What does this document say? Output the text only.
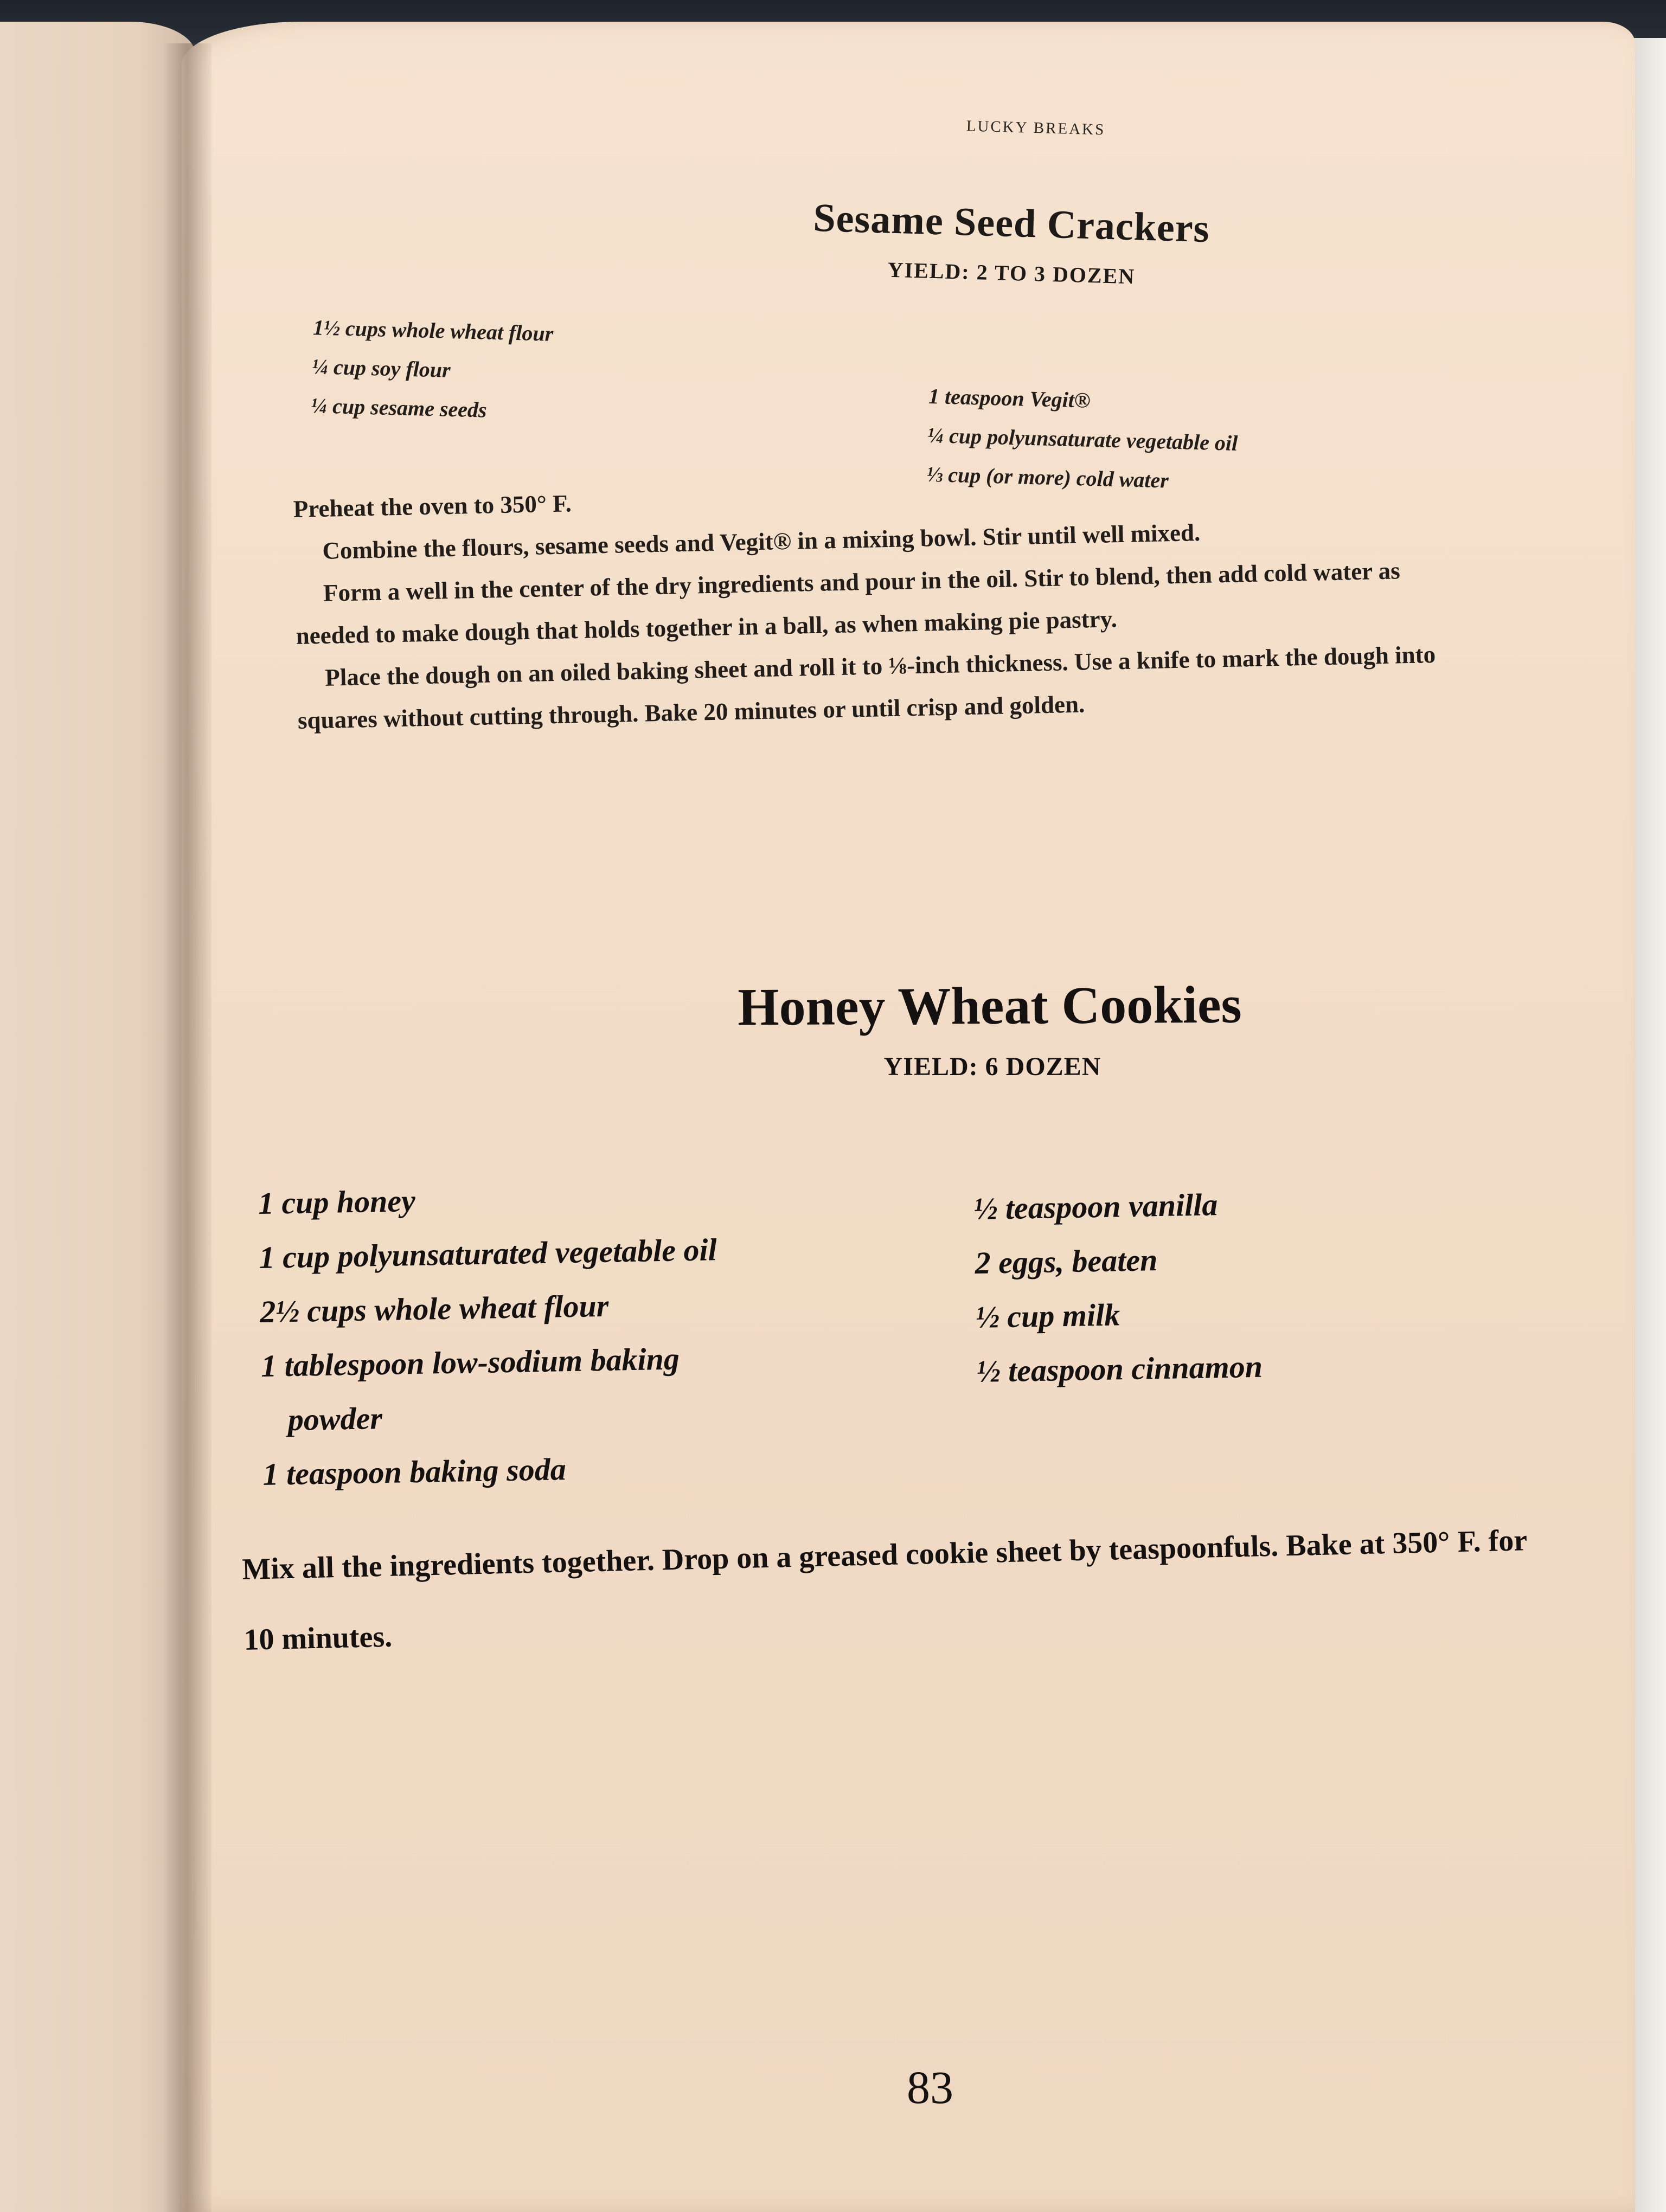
LUCKY BREAKS
Sesame Seed Crackers
YIELD: 2 TO 3 DOZEN
1½ cups whole wheat flour
¼ cup soy flour
¼ cup sesame seeds	1 teaspoon Vegit®
¼ cup polyunsaturate vegetable oil
⅓ cup (or more) cold water

Preheat the oven to 350° F.

Combine the flours, sesame seeds and Vegit® in a mixing bowl. Stir until well mixed.

Form a well in the center of the dry ingredients and pour in the oil. Stir to blend, then add cold water as needed to make dough that holds together in a ball, as when making pie pastry.

Place the dough on an oiled baking sheet and roll it to ⅛-inch thickness. Use a knife to mark the dough into squares without cutting through. Bake 20 minutes or until crisp and golden.

Honey Wheat Cookies
YIELD: 6 DOZEN
1 cup honey
1 cup polyunsaturated vegetable oil
2½ cups whole wheat flour
1 tablespoon low-sodium baking
powder
1 teaspoon baking soda
½ teaspoon vanilla
2 eggs, beaten
½ cup milk
½ teaspoon cinnamon

Mix all the ingredients together. Drop on a greased cookie sheet by teaspoonfuls. Bake at 350° F. for 10 minutes.

83
